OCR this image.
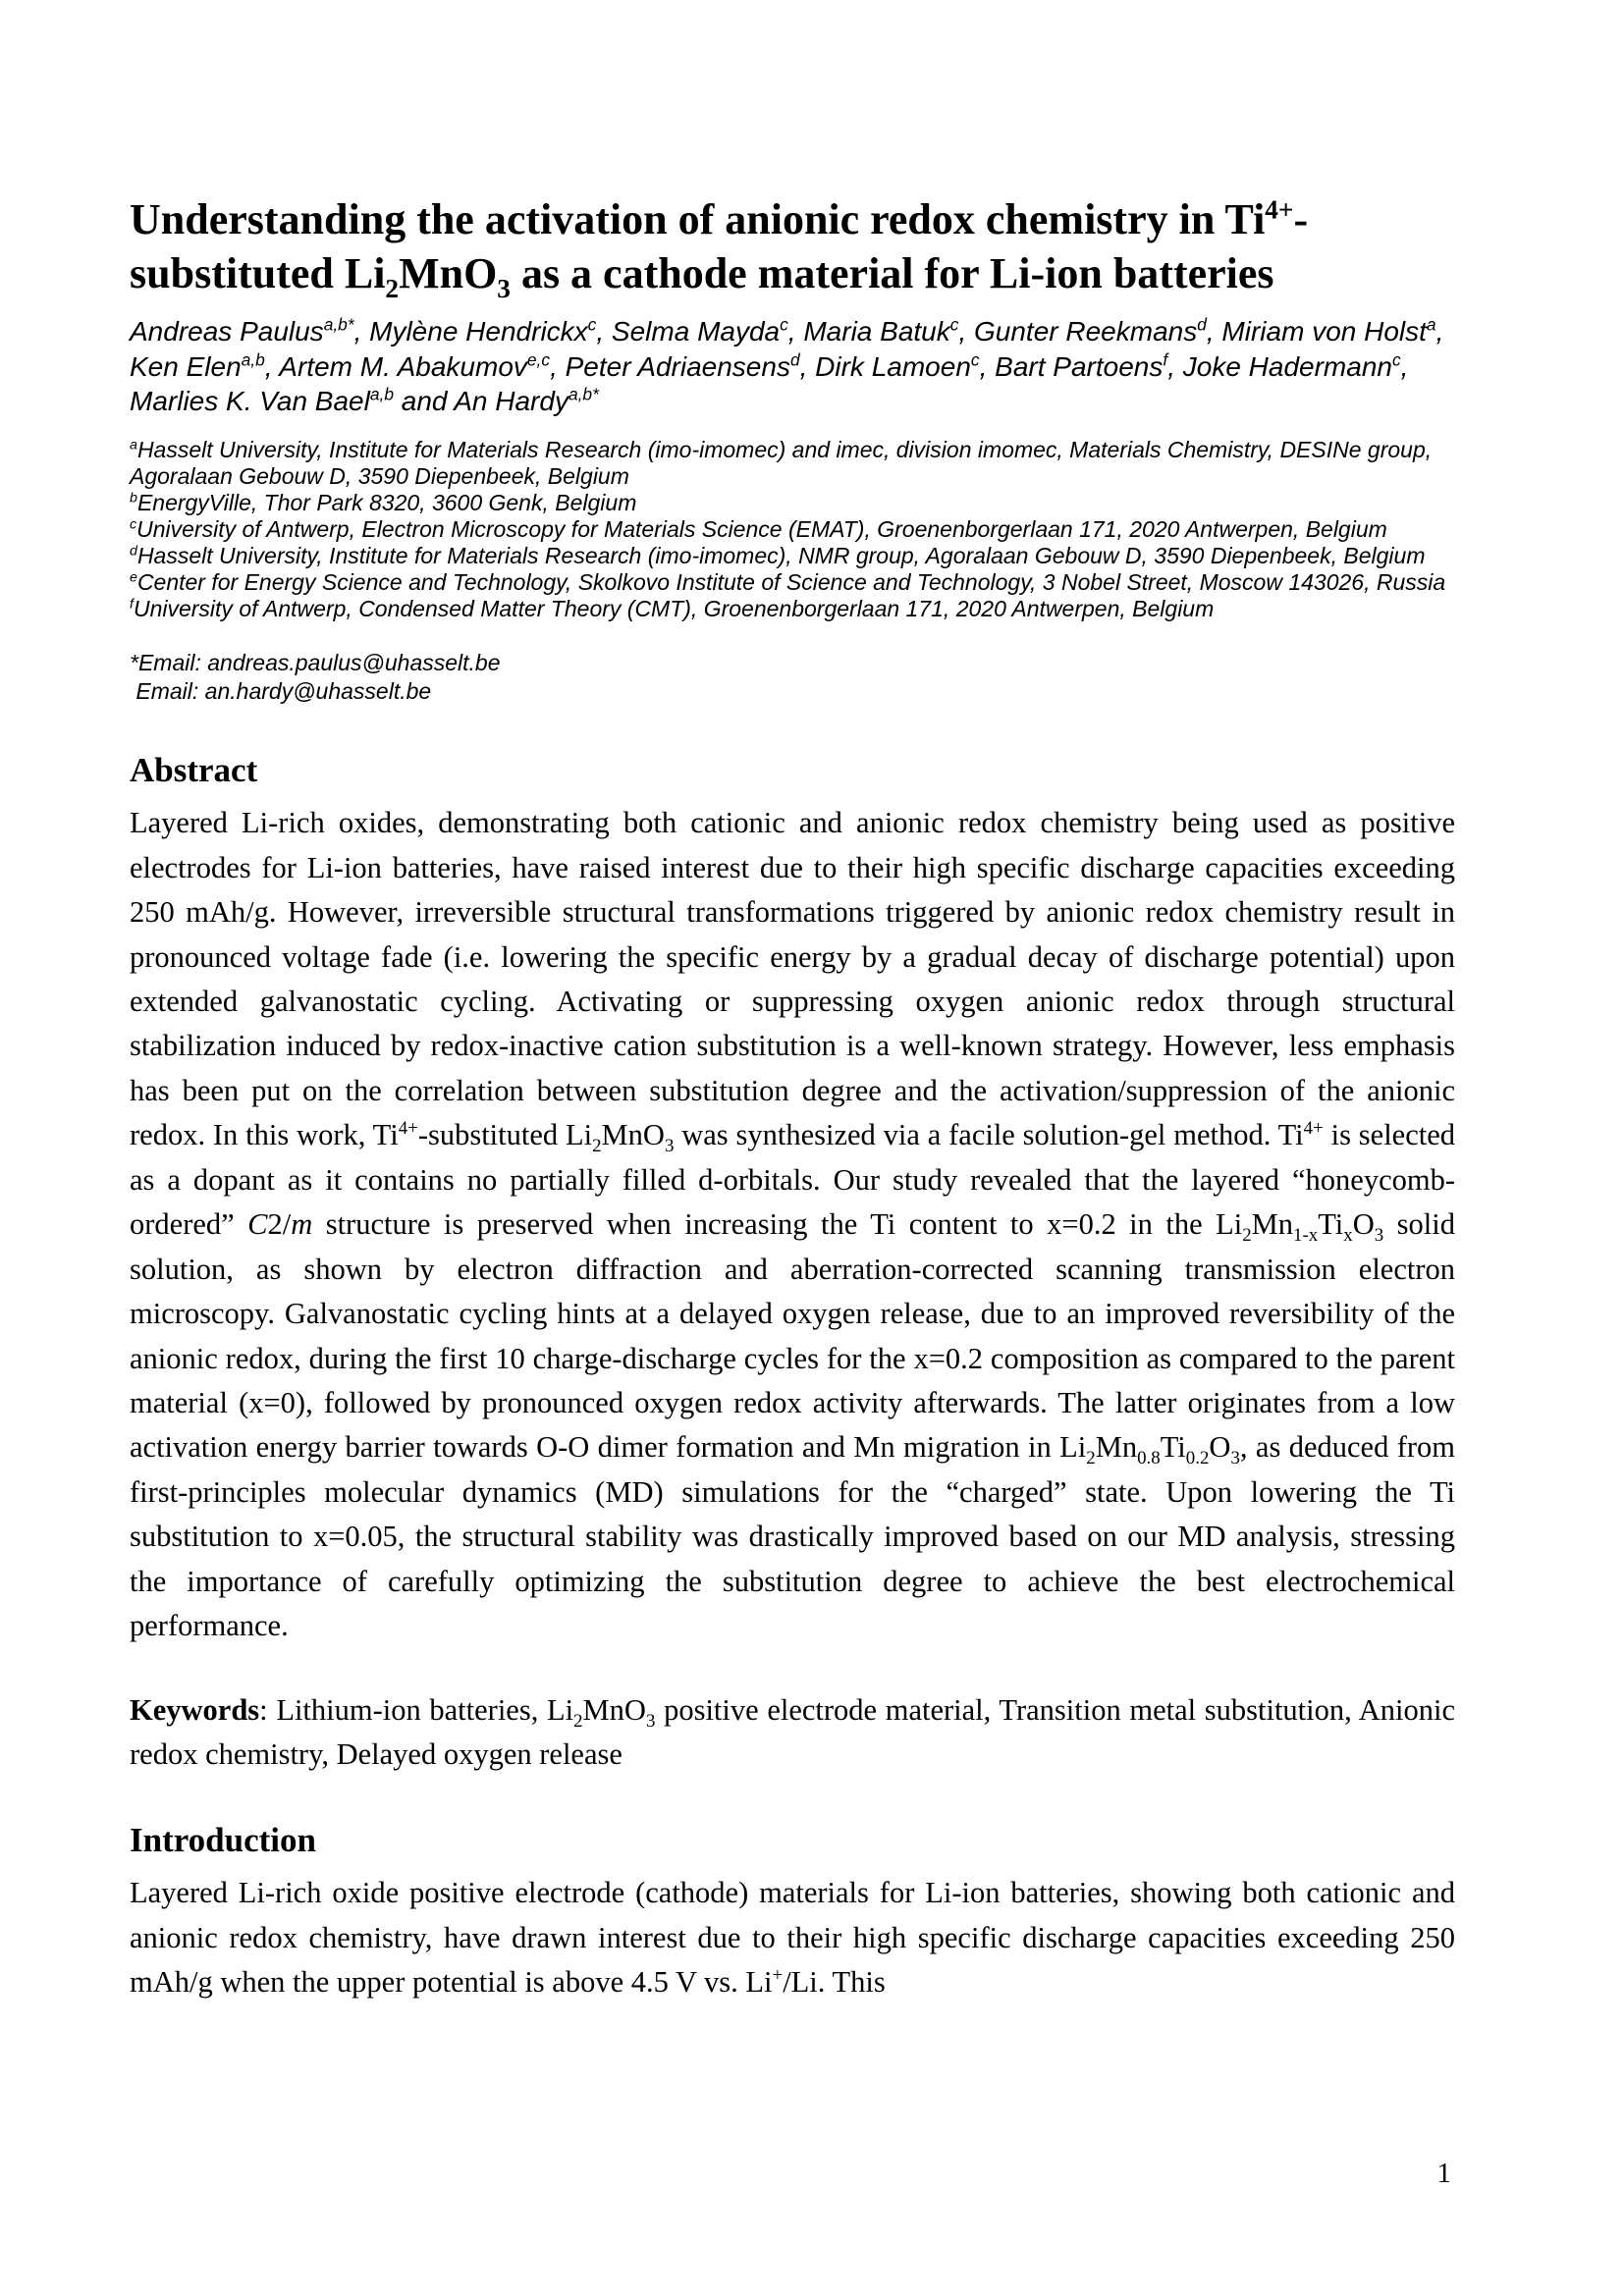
Understanding the activation of anionic redox chemistry in $Ti^{4+}$-substituted $Li_2MnO_3$ as a cathode material for Li-ion batteries

Andreas Paulus$^{a,b*}$, Mylène Hendrickx$^c$, Selma Mayda$^c$, Maria Batuk$^c$, Gunter Reekmans$^d$, Miriam von Holst$^a$, Ken Elen$^{a,b}$, Artem M. Abakumov$^{e,c}$, Peter Adriaensens$^d$, Dirk Lamoen$^c$, Bart Partoens$^f$, Joke Hadermann$^c$, Marlies K. Van Bael$^{a,b}$ and An Hardy$^{a,b*}$

$^a$Hasselt University, Institute for Materials Research (imo-imomec) and imec, division imomec, Materials Chemistry, DESINe group, Agoralaan Gebouw D, 3590 Diepenbeek, Belgium

$^b$EnergyVille, Thor Park 8320, 3600 Genk, Belgium

$^c$University of Antwerp, Electron Microscopy for Materials Science (EMAT), Groenenborgerlaan 171, 2020 Antwerpen, Belgium

$^d$Hasselt University, Institute for Materials Research (imo-imomec), NMR group, Agoralaan Gebouw D, 3590 Diepenbeek, Belgium

$^e$Center for Energy Science and Technology, Skolkovo Institute of Science and Technology, 3 Nobel Street, Moscow 143026, Russia

$^f$University of Antwerp, Condensed Matter Theory (CMT), Groenenborgerlaan 171, 2020 Antwerpen, Belgium

*Email: andreas.paulus@uhasselt.be

Email: an.hardy@uhasselt.be

Abstract

Layered Li-rich oxides, demonstrating both cationic and anionic redox chemistry being used as positive electrodes for Li-ion batteries, have raised interest due to their high specific discharge capacities exceeding 250 mAh/g. However, irreversible structural transformations triggered by anionic redox chemistry result in pronounced voltage fade (i.e. lowering the specific energy by a gradual decay of discharge potential) upon extended galvanostatic cycling. Activating or suppressing oxygen anionic redox through structural stabilization induced by redox-inactive cation substitution is a well-known strategy. However, less emphasis has been put on the correlation between substitution degree and the activation/suppression of the anionic redox. In this work, $Ti^{4+}$-substituted $Li_2MnO_3$ was synthesized via a facile solution-gel method. $Ti^{4+}$ is selected as a dopant as it contains no partially filled d-orbitals. Our study revealed that the layered “honeycomb-ordered” C2/m structure is preserved when increasing the Ti content to x=0.2 in the $Li_2Mn_{1-x}Ti_xO_3$ solid solution, as shown by electron diffraction and aberration-corrected scanning transmission electron microscopy. Galvanostatic cycling hints at a delayed oxygen release, due to an improved reversibility of the anionic redox, during the first 10 charge-discharge cycles for the x=0.2 composition as compared to the parent material (x=0), followed by pronounced oxygen redox activity afterwards. The latter originates from a low activation energy barrier towards O-O dimer formation and Mn migration in $Li_2Mn_{0.8}Ti_{0.2}O_3$, as deduced from first-principles molecular dynamics (MD) simulations for the “charged” state. Upon lowering the Ti substitution to x=0.05, the structural stability was drastically improved based on our MD analysis, stressing the importance of carefully optimizing the substitution degree to achieve the best electrochemical performance.

Keywords: Lithium-ion batteries, $Li_2MnO_3$ positive electrode material, Transition metal substitution, Anionic redox chemistry, Delayed oxygen release

Introduction

Layered Li-rich oxide positive electrode (cathode) materials for Li-ion batteries, showing both cationic and anionic redox chemistry, have drawn interest due to their high specific discharge capacities exceeding 250 mAh/g when the upper potential is above 4.5 V vs. Li+/Li. This

1
